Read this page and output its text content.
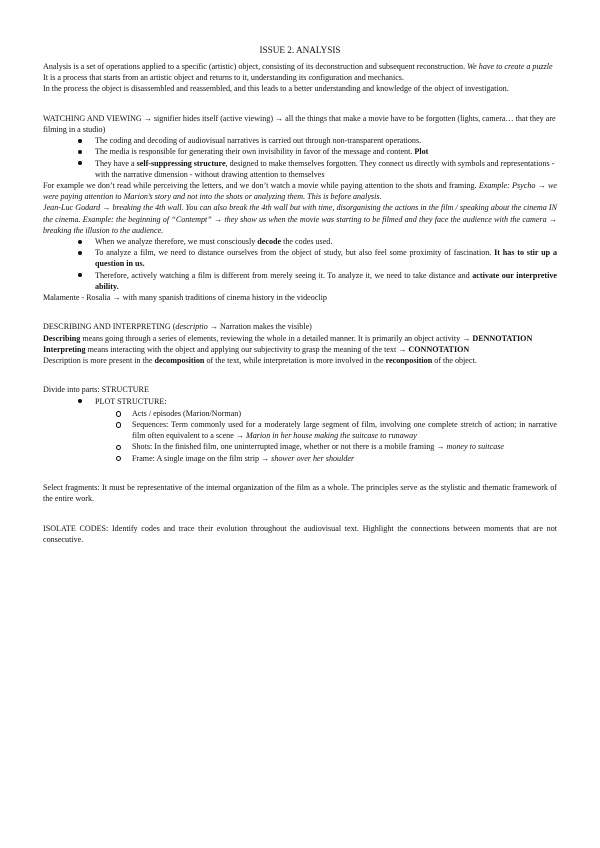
ISSUE 2. ANALYSIS

Analysis is a set of operations applied to a specific (artistic) object, consisting of its deconstruction and subsequent reconstruction. We have to create a puzzle

It is a process that starts from an artistic object and returns to it, understanding its configuration and mechanics.

In the process the object is disassembled and reassembled, and this leads to a better understanding and knowledge of the object of investigation.

WATCHING AND VIEWING → signifier hides itself (active viewing) → all the things that make a movie have to be forgotten (lights, camera… that they are filming in a studio)

The coding and decoding of audiovisual narratives is carried out through non-transparent operations.
The media is responsible for generating their own invisibility in favor of the message and content. Plot
They have a self-suppressing structure, designed to make themselves forgotten. They connect us directly with symbols and representations - with the narrative dimension - without drawing attention to themselves

For example we don’t read while perceiving the letters, and we don’t watch a movie while paying attention to the shots and framing. Example: Psycho → we were paying attention to Marion’s story and not into the shots or analyzing them. This is before analysis.

Jean-Luc Godard → breaking the 4th wall. You can also break the 4th wall but with time, disorganising the actions in the film / speaking about the cinema IN the cinema. Example: the beginning of “Contempt” → they show us when the movie was starting to be filmed and they face the audience with the camera → breaking the illusion to the audience.

When we analyze therefore, we must consciously decode the codes used.
To analyze a film, we need to distance ourselves from the object of study, but also feel some proximity of fascination. It has to stir up a question in us.
Therefore, actively watching a film is different from merely seeing it. To analyze it, we need to take distance and activate our interpretive ability.

Malamente - Rosalia → with many spanish traditions of cinema history in the videoclip

DESCRIBING AND INTERPRETING (descriptio → Narration makes the visible)

Describing means going through a series of elements, reviewing the whole in a detailed manner. It is primarily an object activity → DENNOTATION

Interpreting means interacting with the object and applying our subjectivity to grasp the meaning of the text → CONNOTATION

Description is more present in the decomposition of the text, while interpretation is more involved in the reconposition of the object.

Divide into parts: STRUCTURE

PLOT STRUCTURE:
Acts / episodes (Marion/Norman)
Sequences: Term commonly used for a moderately large segment of film, involving one complete stretch of action; in narrative film often equivalent to a scene → Marion in her house making the suitcase to runaway
Shots: In the finished film, one uninterrupted image, whether or not there is a mobile framing → money to suitcase
Frame: A single image on the film strip → shower over her shoulder

Select fragments: It must be representative of the internal organization of the film as a whole. The principles serve as the stylistic and thematic framework of the entire work.

ISOLATE CODES: Identify codes and trace their evolution throughout the audiovisual text. Highlight the connections between moments that are not consecutive.
